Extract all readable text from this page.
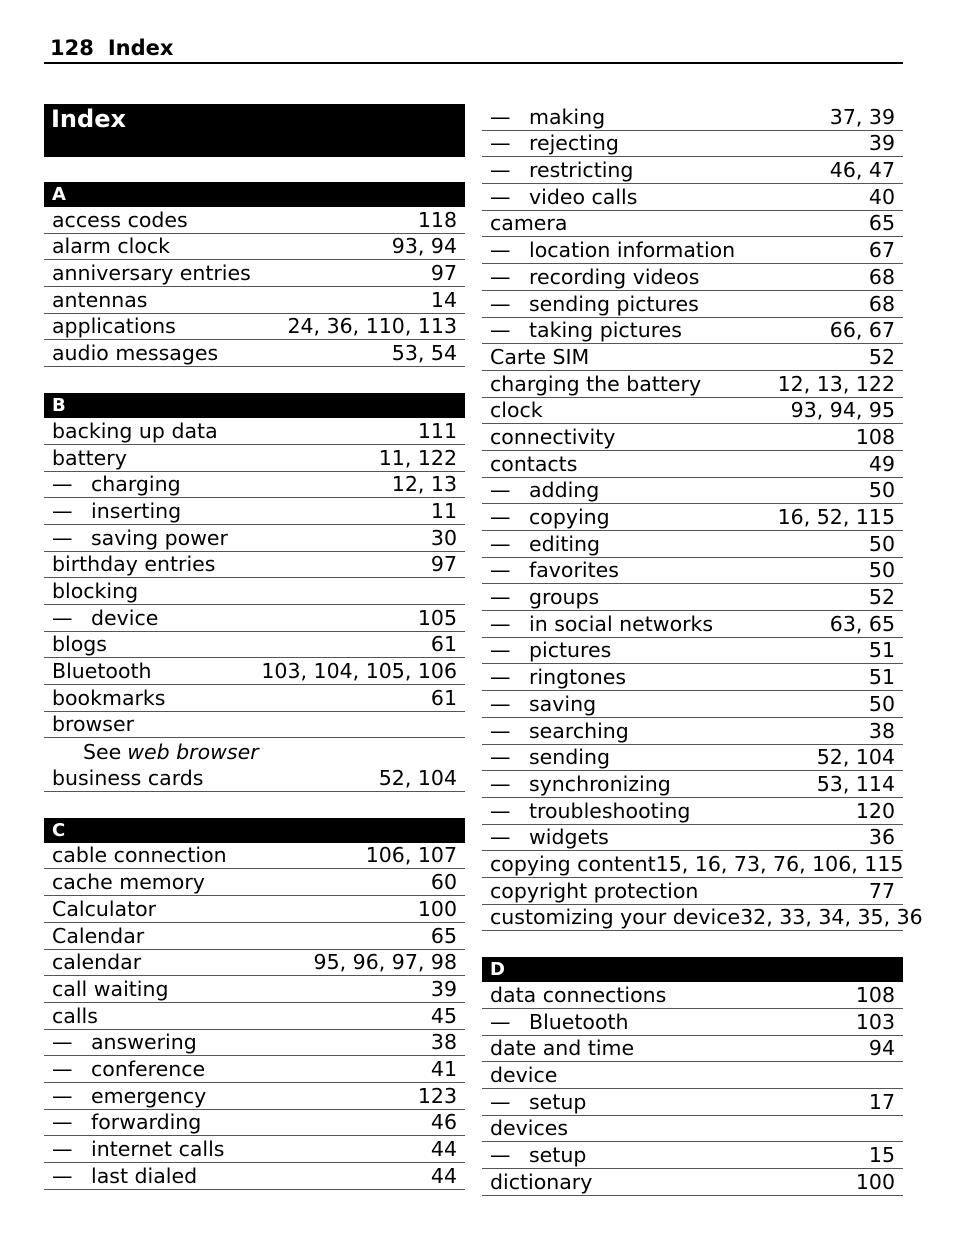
128 Index
Index
A
access codes	118
alarm clock	93, 94
anniversary entries	97
antennas	14
applications	24, 36, 110, 113
audio messages	53, 54
B
backing up data	111
battery	11, 122
— charging	12, 13
— inserting	11
— saving power	30
birthday entries	97
blocking
— device	105
blogs	61
Bluetooth	103, 104, 105, 106
bookmarks	61
browser
See web browser
business cards	52, 104
C
cable connection	106, 107
cache memory	60
Calculator	100
Calendar	65
calendar	95, 96, 97, 98
call waiting	39
calls	45
— answering	38
— conference	41
— emergency	123
— forwarding	46
— internet calls	44
— last dialed	44
— making	37, 39
— rejecting	39
— restricting	46, 47
— video calls	40
camera	65
— location information	67
— recording videos	68
— sending pictures	68
— taking pictures	66, 67
Carte SIM	52
charging the battery	12, 13, 122
clock	93, 94, 95
connectivity	108
contacts	49
— adding	50
— copying	16, 52, 115
— editing	50
— favorites	50
— groups	52
— in social networks	63, 65
— pictures	51
— ringtones	51
— saving	50
— searching	38
— sending	52, 104
— synchronizing	53, 114
— troubleshooting	120
— widgets	36
copying content 15, 16, 73, 76, 106, 115
copyright protection	77
customizing your device 32, 33, 34, 35, 36
D
data connections	108
— Bluetooth	103
date and time	94
device
— setup	17
devices
— setup	15
dictionary	100
